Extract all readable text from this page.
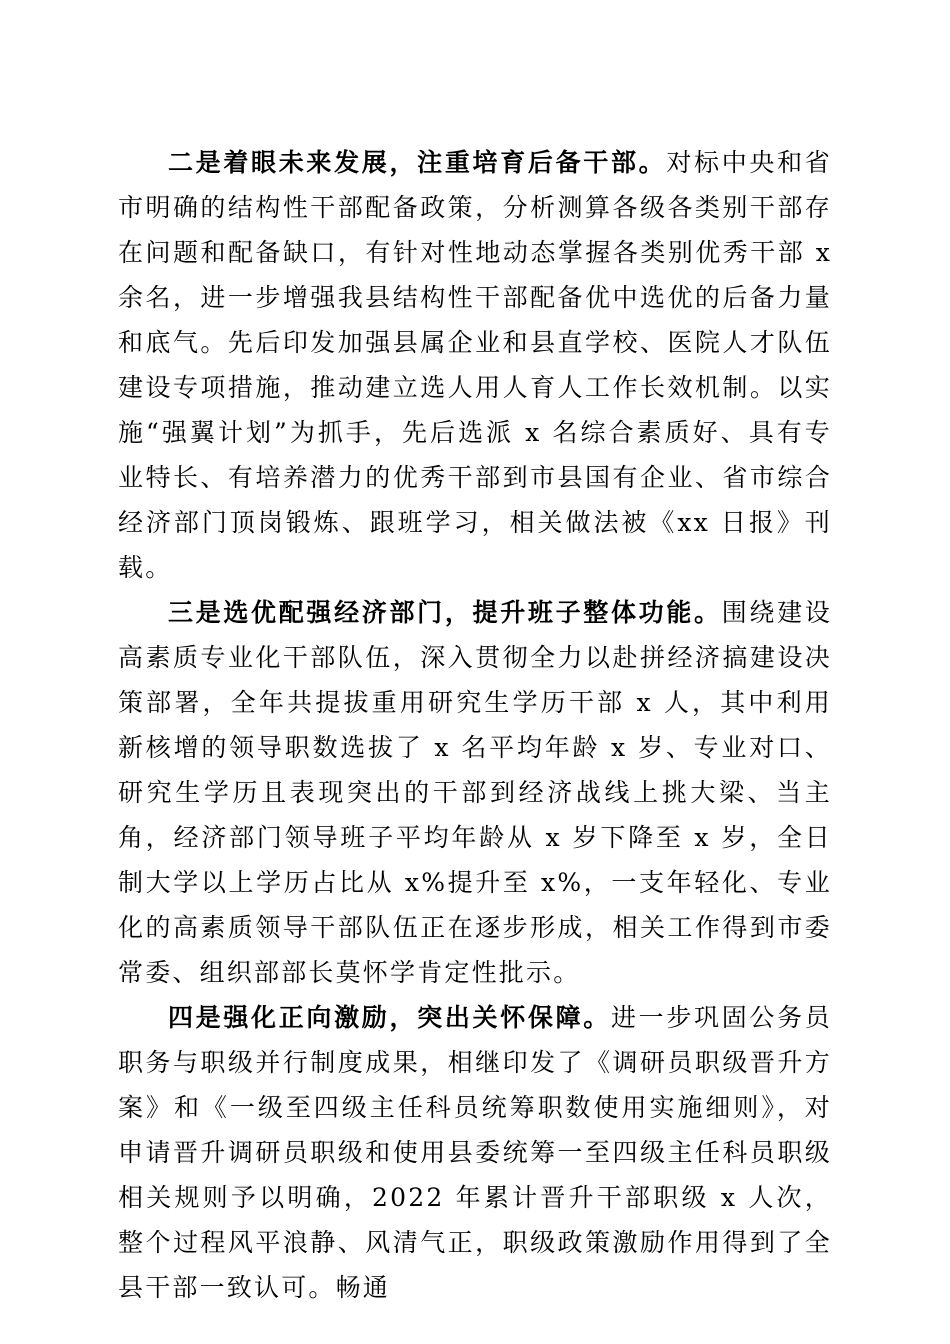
二是着眼未来发展，注重培育后备干部。对标中央和省市明确的结构性干部配备政策，分析测算各级各类别干部存在问题和配备缺口，有针对性地动态掌握各类别优秀干部 x 余名，进一步增强我县结构性干部配备优中选优的后备力量和底气。先后印发加强县属企业和县直学校、医院人才队伍建设专项措施，推动建立选人用人育人工作长效机制。以实施“强翼计划”为抓手，先后选派 x 名综合素质好、具有专业特长、有培养潜力的优秀干部到市县国有企业、省市综合经济部门顶岗锻炼、跟班学习，相关做法被《xx 日报》刊载。

三是选优配强经济部门，提升班子整体功能。围绕建设高素质专业化干部队伍，深入贯彻全力以赴拼经济搞建设决策部署，全年共提拔重用研究生学历干部 x 人，其中利用新核增的领导职数选拔了 x 名平均年龄 x 岁、专业对口、研究生学历且表现突出的干部到经济战线上挑大梁、当主角，经济部门领导班子平均年龄从 x 岁下降至 x 岁，全日制大学以上学历占比从 x%提升至 x%，一支年轻化、专业化的高素质领导干部队伍正在逐步形成，相关工作得到市委常委、组织部部长莫怀学肯定性批示。

四是强化正向激励，突出关怀保障。进一步巩固公务员职务与职级并行制度成果，相继印发了《调研员职级晋升方案》和《一级至四级主任科员统筹职数使用实施细则》，对申请晋升调研员职级和使用县委统筹一至四级主任科员职级相关规则予以明确，2022 年累计晋升干部职级 x 人次，整个过程风平浪静、风清气正，职级政策激励作用得到了全县干部一致认可。畅通
